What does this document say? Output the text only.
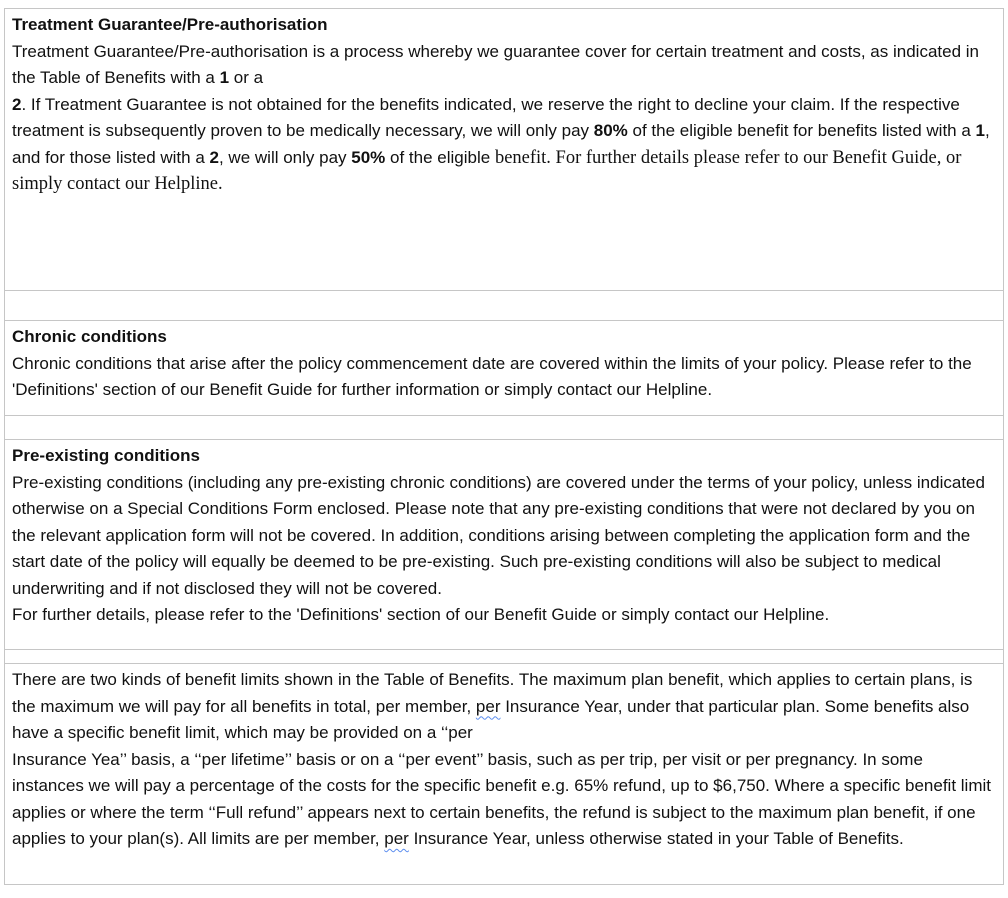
Treatment Guarantee/Pre-authorisation
Treatment Guarantee/Pre-authorisation is a process whereby we guarantee cover for certain treatment and costs, as indicated in the Table of Benefits with a 1 or a
2. If Treatment Guarantee is not obtained for the benefits indicated, we reserve the right to decline your claim. If the respective treatment is subsequently proven to be medically necessary, we will only pay 80% of the eligible benefit for benefits listed with a 1, and for those listed with a 2, we will only pay 50% of the eligible benefit. For further details please refer to our Benefit Guide, or simply contact our Helpline.
Chronic conditions
Chronic conditions that arise after the policy commencement date are covered within the limits of your policy. Please refer to the 'Definitions' section of our Benefit Guide for further information or simply contact our Helpline.
Pre-existing conditions
Pre-existing conditions (including any pre-existing chronic conditions) are covered under the terms of your policy, unless indicated otherwise on a Special Conditions Form enclosed. Please note that any pre-existing conditions that were not declared by you on the relevant application form will not be covered. In addition, conditions arising between completing the application form and the start date of the policy will equally be deemed to be pre-existing. Such pre-existing conditions will also be subject to medical underwriting and if not disclosed they will not be covered.
For further details, please refer to the 'Definitions' section of our Benefit Guide or simply contact our Helpline.
There are two kinds of benefit limits shown in the Table of Benefits. The maximum plan benefit, which applies to certain plans, is the maximum we will pay for all benefits in total, per member, per Insurance Year, under that particular plan. Some benefits also have a specific benefit limit, which may be provided on a ‘‘per
Insurance Yea’’ basis, a ‘‘per lifetime’’ basis or on a ‘‘per event’’ basis, such as per trip, per visit or per pregnancy. In some instances we will pay a percentage of the costs for the specific benefit e.g. 65% refund, up to $6,750. Where a specific benefit limit applies or where the term ‘‘Full refund’’ appears next to certain benefits, the refund is subject to the maximum plan benefit, if one applies to your plan(s). All limits are per member, per Insurance Year, unless otherwise stated in your Table of Benefits.
